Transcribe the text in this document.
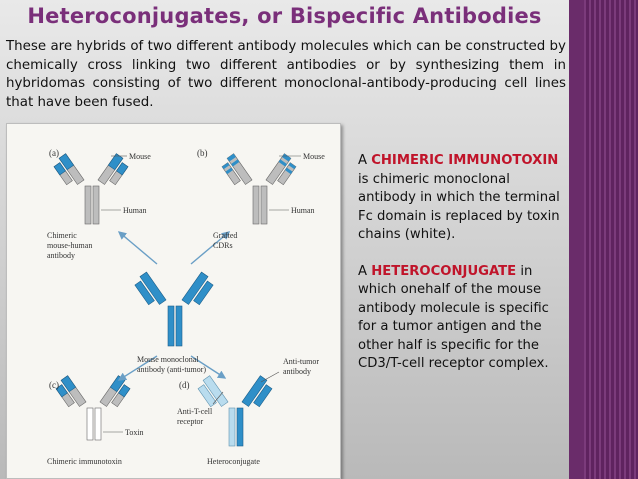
Heteroconjugates, or Bispecific Antibodies
These are hybrids of two different antibody molecules which can be constructed by chemically cross linking two different antibodies or by synthesizing them in hybridomas consisting of two different monoclonal-antibody-producing cell lines that have been fused.
(a)	(b)
(c)	(d)
Mouse
Human
Chimeric
mouse-human
antibody
Mouse
Human
Grafted
CDRs
Mouse monoclonal
antibody (anti-tumor)
Toxin
Chimeric immunotoxin
Anti-tumor
antibody
Anti-T-cell
receptor
Heteroconjugate

A CHIMERIC IMMUNOTOXIN is chimeric monoclonal antibody in which the terminal Fc domain is replaced by toxin chains (white).

A HETEROCONJUGATE in which onehalf of the mouse antibody molecule is specific for a tumor antigen and the other half is specific for the CD3/T-cell receptor complex.
